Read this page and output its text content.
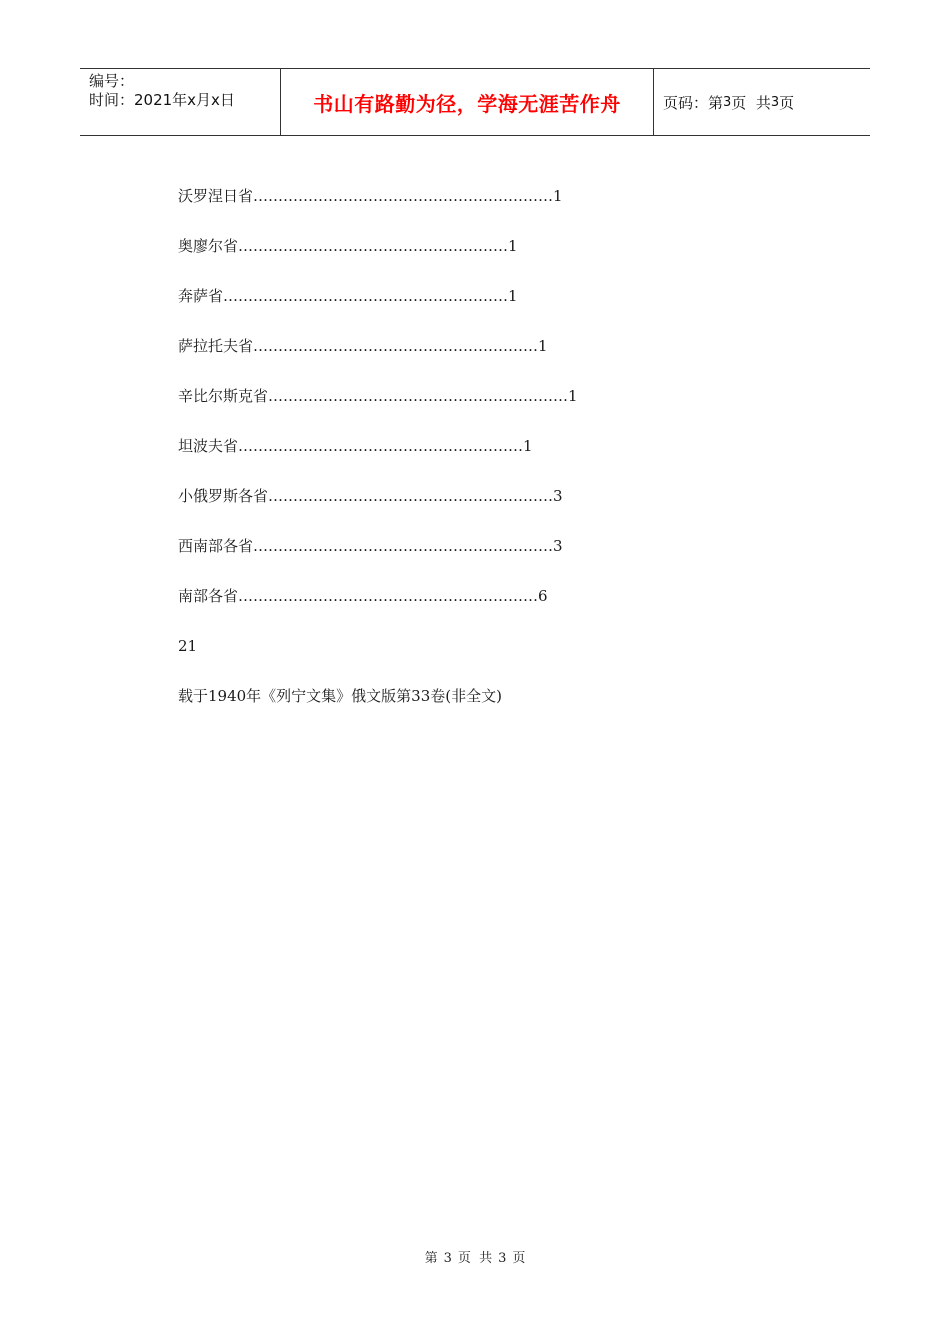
编号：
时间：2021年x月x日	书山有路勤为径，学海无涯苦作舟	页码：第 3 页  共 3 页
沃罗涅日省……………………………………………………1
奥廖尔省………………………………………………1
奔萨省…………………………………………………1
萨拉托夫省…………………………………………………1
辛比尔斯克省……………………………………………………1
坦波夫省…………………………………………………1
小俄罗斯各省…………………………………………………3
西南部各省……………………………………………………3
南部各省……………………………………………………6
21
载于1940年《列宁文集》俄文版第33卷(非全文)
第 3 页  共 3 页
